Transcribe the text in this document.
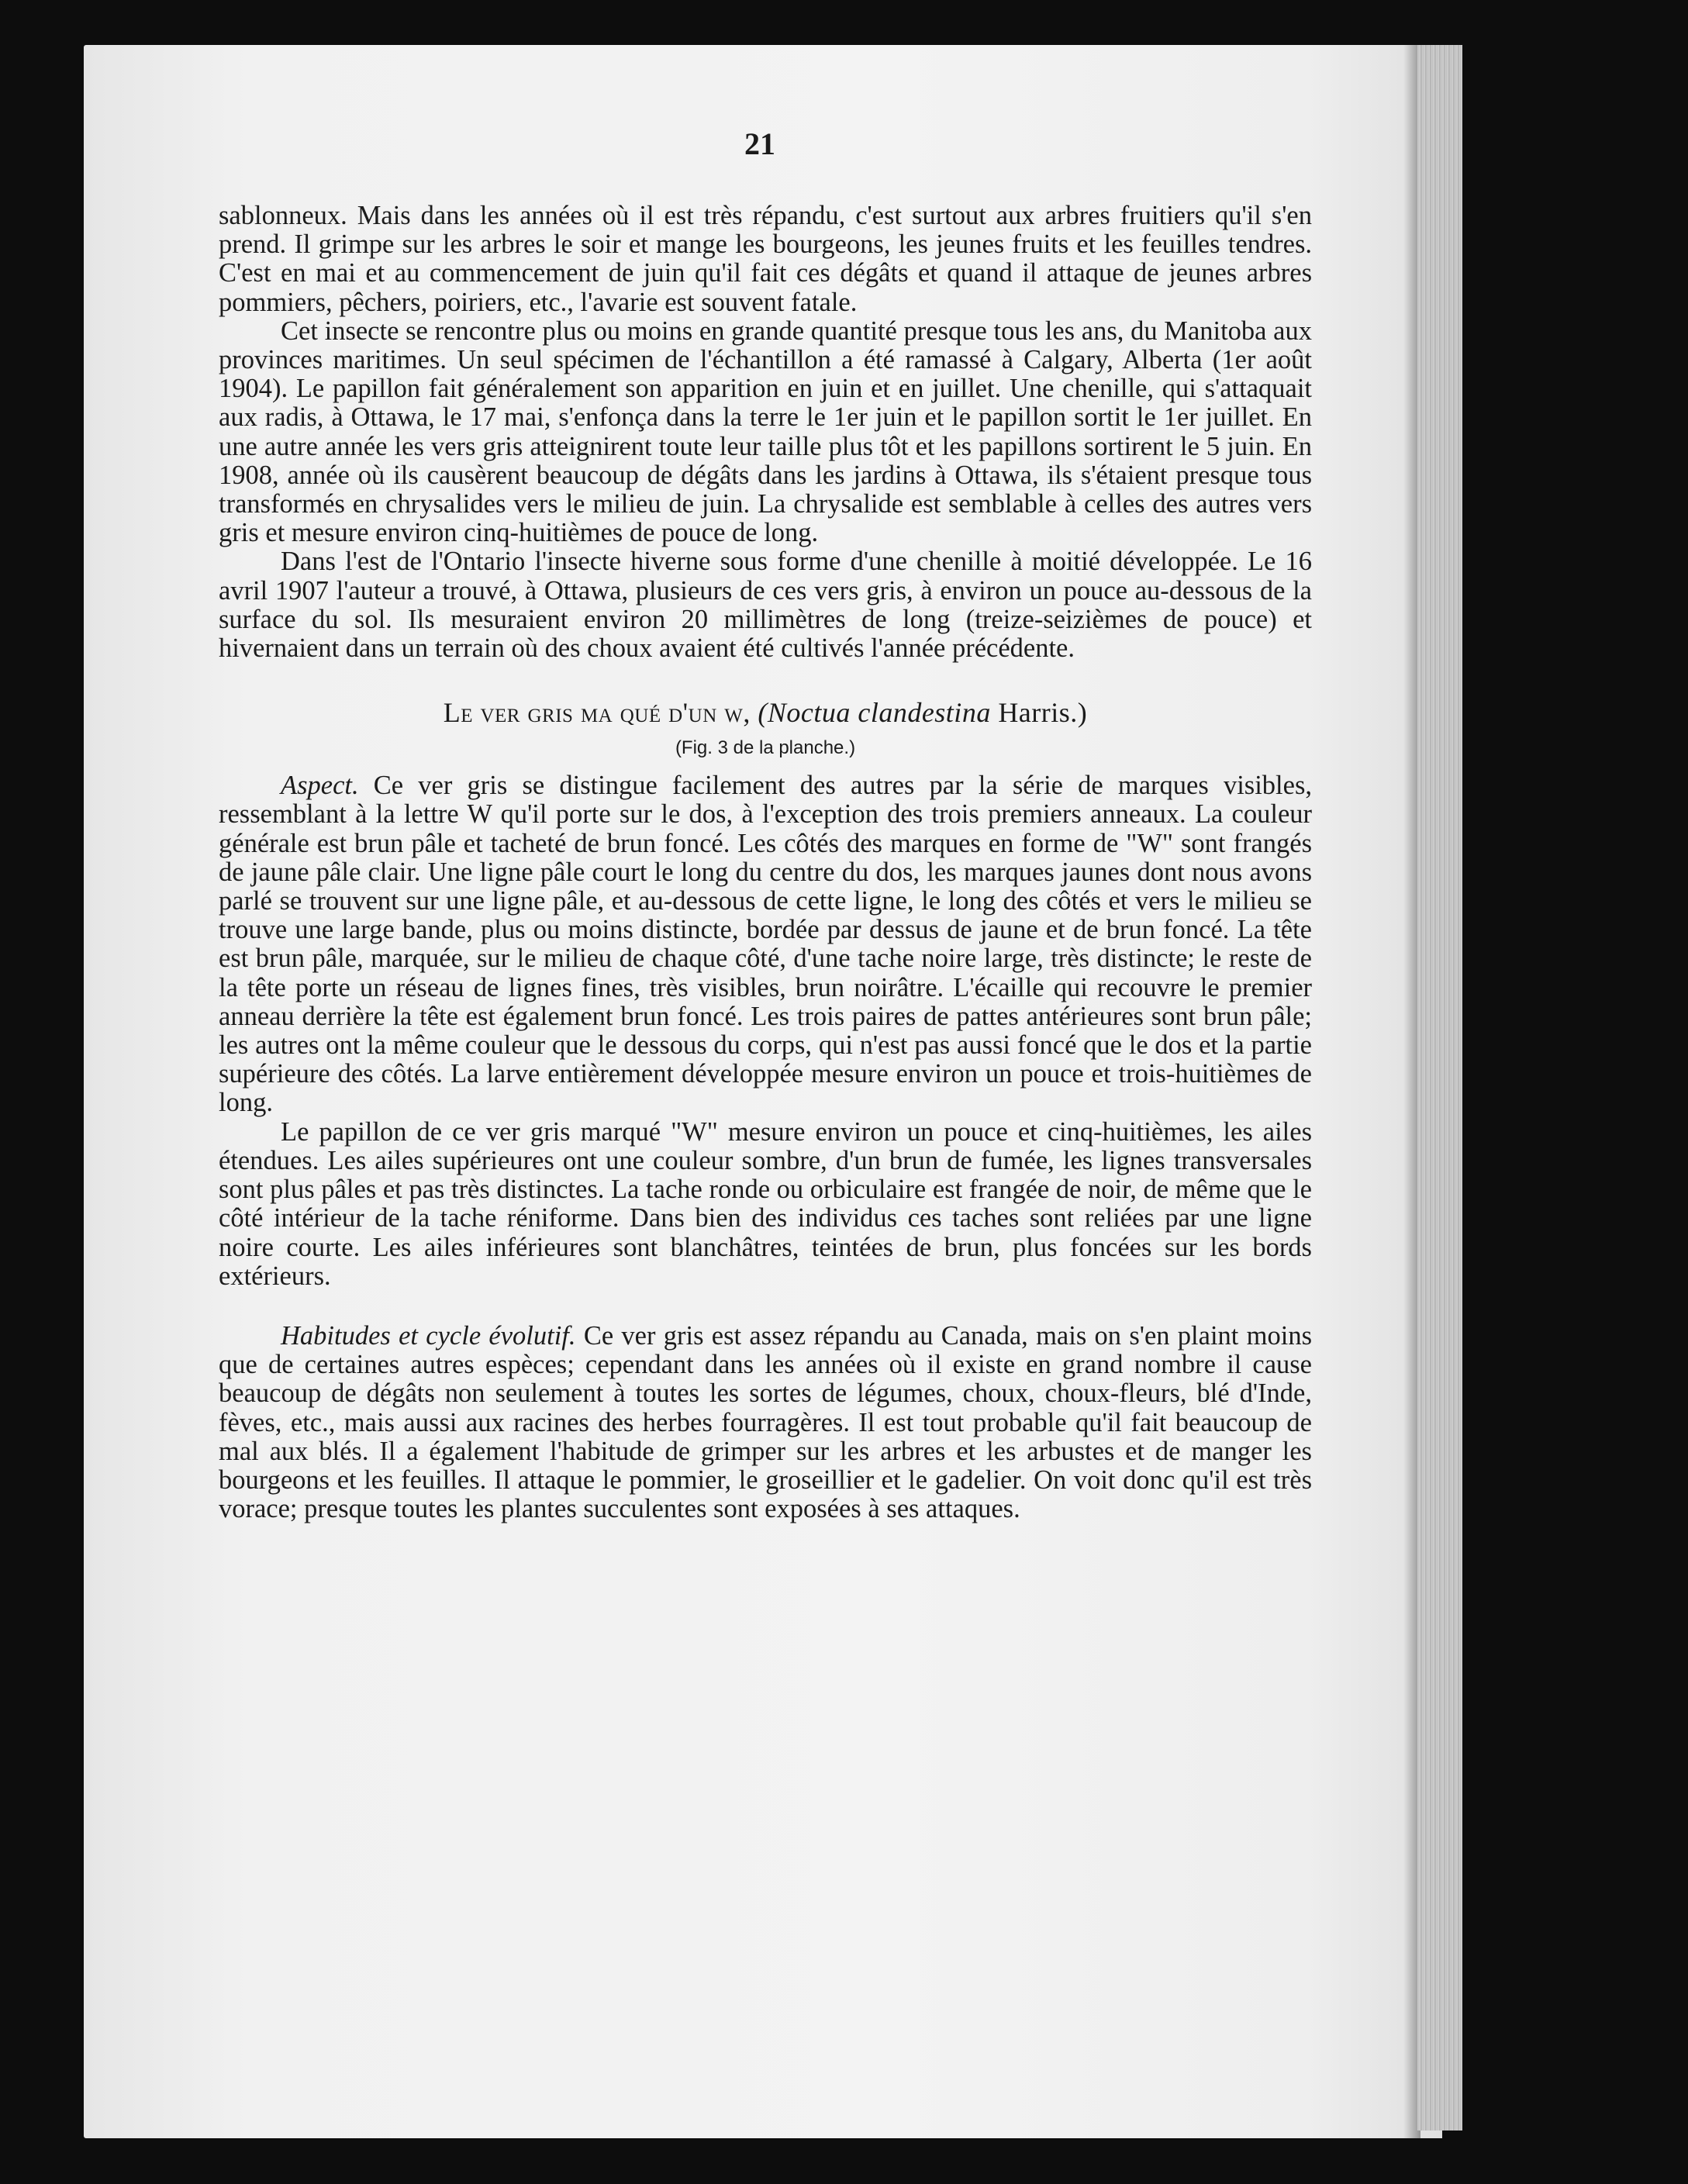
21

sablonneux. Mais dans les années où il est très répandu, c'est surtout aux arbres fruitiers qu'il s'en prend. Il grimpe sur les arbres le soir et mange les bourgeons, les jeunes fruits et les feuilles tendres. C'est en mai et au commencement de juin qu'il fait ces dégâts et quand il attaque de jeunes arbres pommiers, pêchers, poiriers, etc., l'avarie est souvent fatale.

Cet insecte se rencontre plus ou moins en grande quantité presque tous les ans, du Manitoba aux provinces maritimes. Un seul spécimen de l'échantillon a été ramassé à Calgary, Alberta (1er août 1904). Le papillon fait généralement son apparition en juin et en juillet. Une chenille, qui s'attaquait aux radis, à Ottawa, le 17 mai, s'enfonça dans la terre le 1er juin et le papillon sortit le 1er juillet. En une autre année les vers gris atteignirent toute leur taille plus tôt et les papillons sortirent le 5 juin. En 1908, année où ils causèrent beaucoup de dégâts dans les jardins à Ottawa, ils s'étaient presque tous transformés en chrysalides vers le milieu de juin. La chrysalide est semblable à celles des autres vers gris et mesure environ cinq-huitièmes de pouce de long.

Dans l'est de l'Ontario l'insecte hiverne sous forme d'une chenille à moitié développée. Le 16 avril 1907 l'auteur a trouvé, à Ottawa, plusieurs de ces vers gris, à environ un pouce au-dessous de la surface du sol. Ils mesuraient environ 20 millimètres de long (treize-seizièmes de pouce) et hivernaient dans un terrain où des choux avaient été cultivés l'année précédente.

Le ver gris ma qué d'un w, (Noctua clandestina Harris.)
(Fig. 3 de la planche.)

Aspect. Ce ver gris se distingue facilement des autres par la série de marques visibles, ressemblant à la lettre W qu'il porte sur le dos, à l'exception des trois premiers anneaux. La couleur générale est brun pâle et tacheté de brun foncé. Les côtés des marques en forme de "W" sont frangés de jaune pâle clair. Une ligne pâle court le long du centre du dos, les marques jaunes dont nous avons parlé se trouvent sur une ligne pâle, et au-dessous de cette ligne, le long des côtés et vers le milieu se trouve une large bande, plus ou moins distincte, bordée par dessus de jaune et de brun foncé. La tête est brun pâle, marquée, sur le milieu de chaque côté, d'une tache noire large, très distincte; le reste de la tête porte un réseau de lignes fines, très visibles, brun noirâtre. L'écaille qui recouvre le premier anneau derrière la tête est également brun foncé. Les trois paires de pattes antérieures sont brun pâle; les autres ont la même couleur que le dessous du corps, qui n'est pas aussi foncé que le dos et la partie supérieure des côtés. La larve entièrement développée mesure environ un pouce et trois-huitièmes de long.

Le papillon de ce ver gris marqué "W" mesure environ un pouce et cinq-huitièmes, les ailes étendues. Les ailes supérieures ont une couleur sombre, d'un brun de fumée, les lignes transversales sont plus pâles et pas très distinctes. La tache ronde ou orbiculaire est frangée de noir, de même que le côté intérieur de la tache réniforme. Dans bien des individus ces taches sont reliées par une ligne noire courte. Les ailes inférieures sont blanchâtres, teintées de brun, plus foncées sur les bords extérieurs.

Habitudes et cycle évolutif. Ce ver gris est assez répandu au Canada, mais on s'en plaint moins que de certaines autres espèces; cependant dans les années où il existe en grand nombre il cause beaucoup de dégâts non seulement à toutes les sortes de légumes, choux, choux-fleurs, blé d'Inde, fèves, etc., mais aussi aux racines des herbes fourragères. Il est tout probable qu'il fait beaucoup de mal aux blés. Il a également l'habitude de grimper sur les arbres et les arbustes et de manger les bourgeons et les feuilles. Il attaque le pommier, le groseillier et le gadelier. On voit donc qu'il est très vorace; presque toutes les plantes succulentes sont exposées à ses attaques.
